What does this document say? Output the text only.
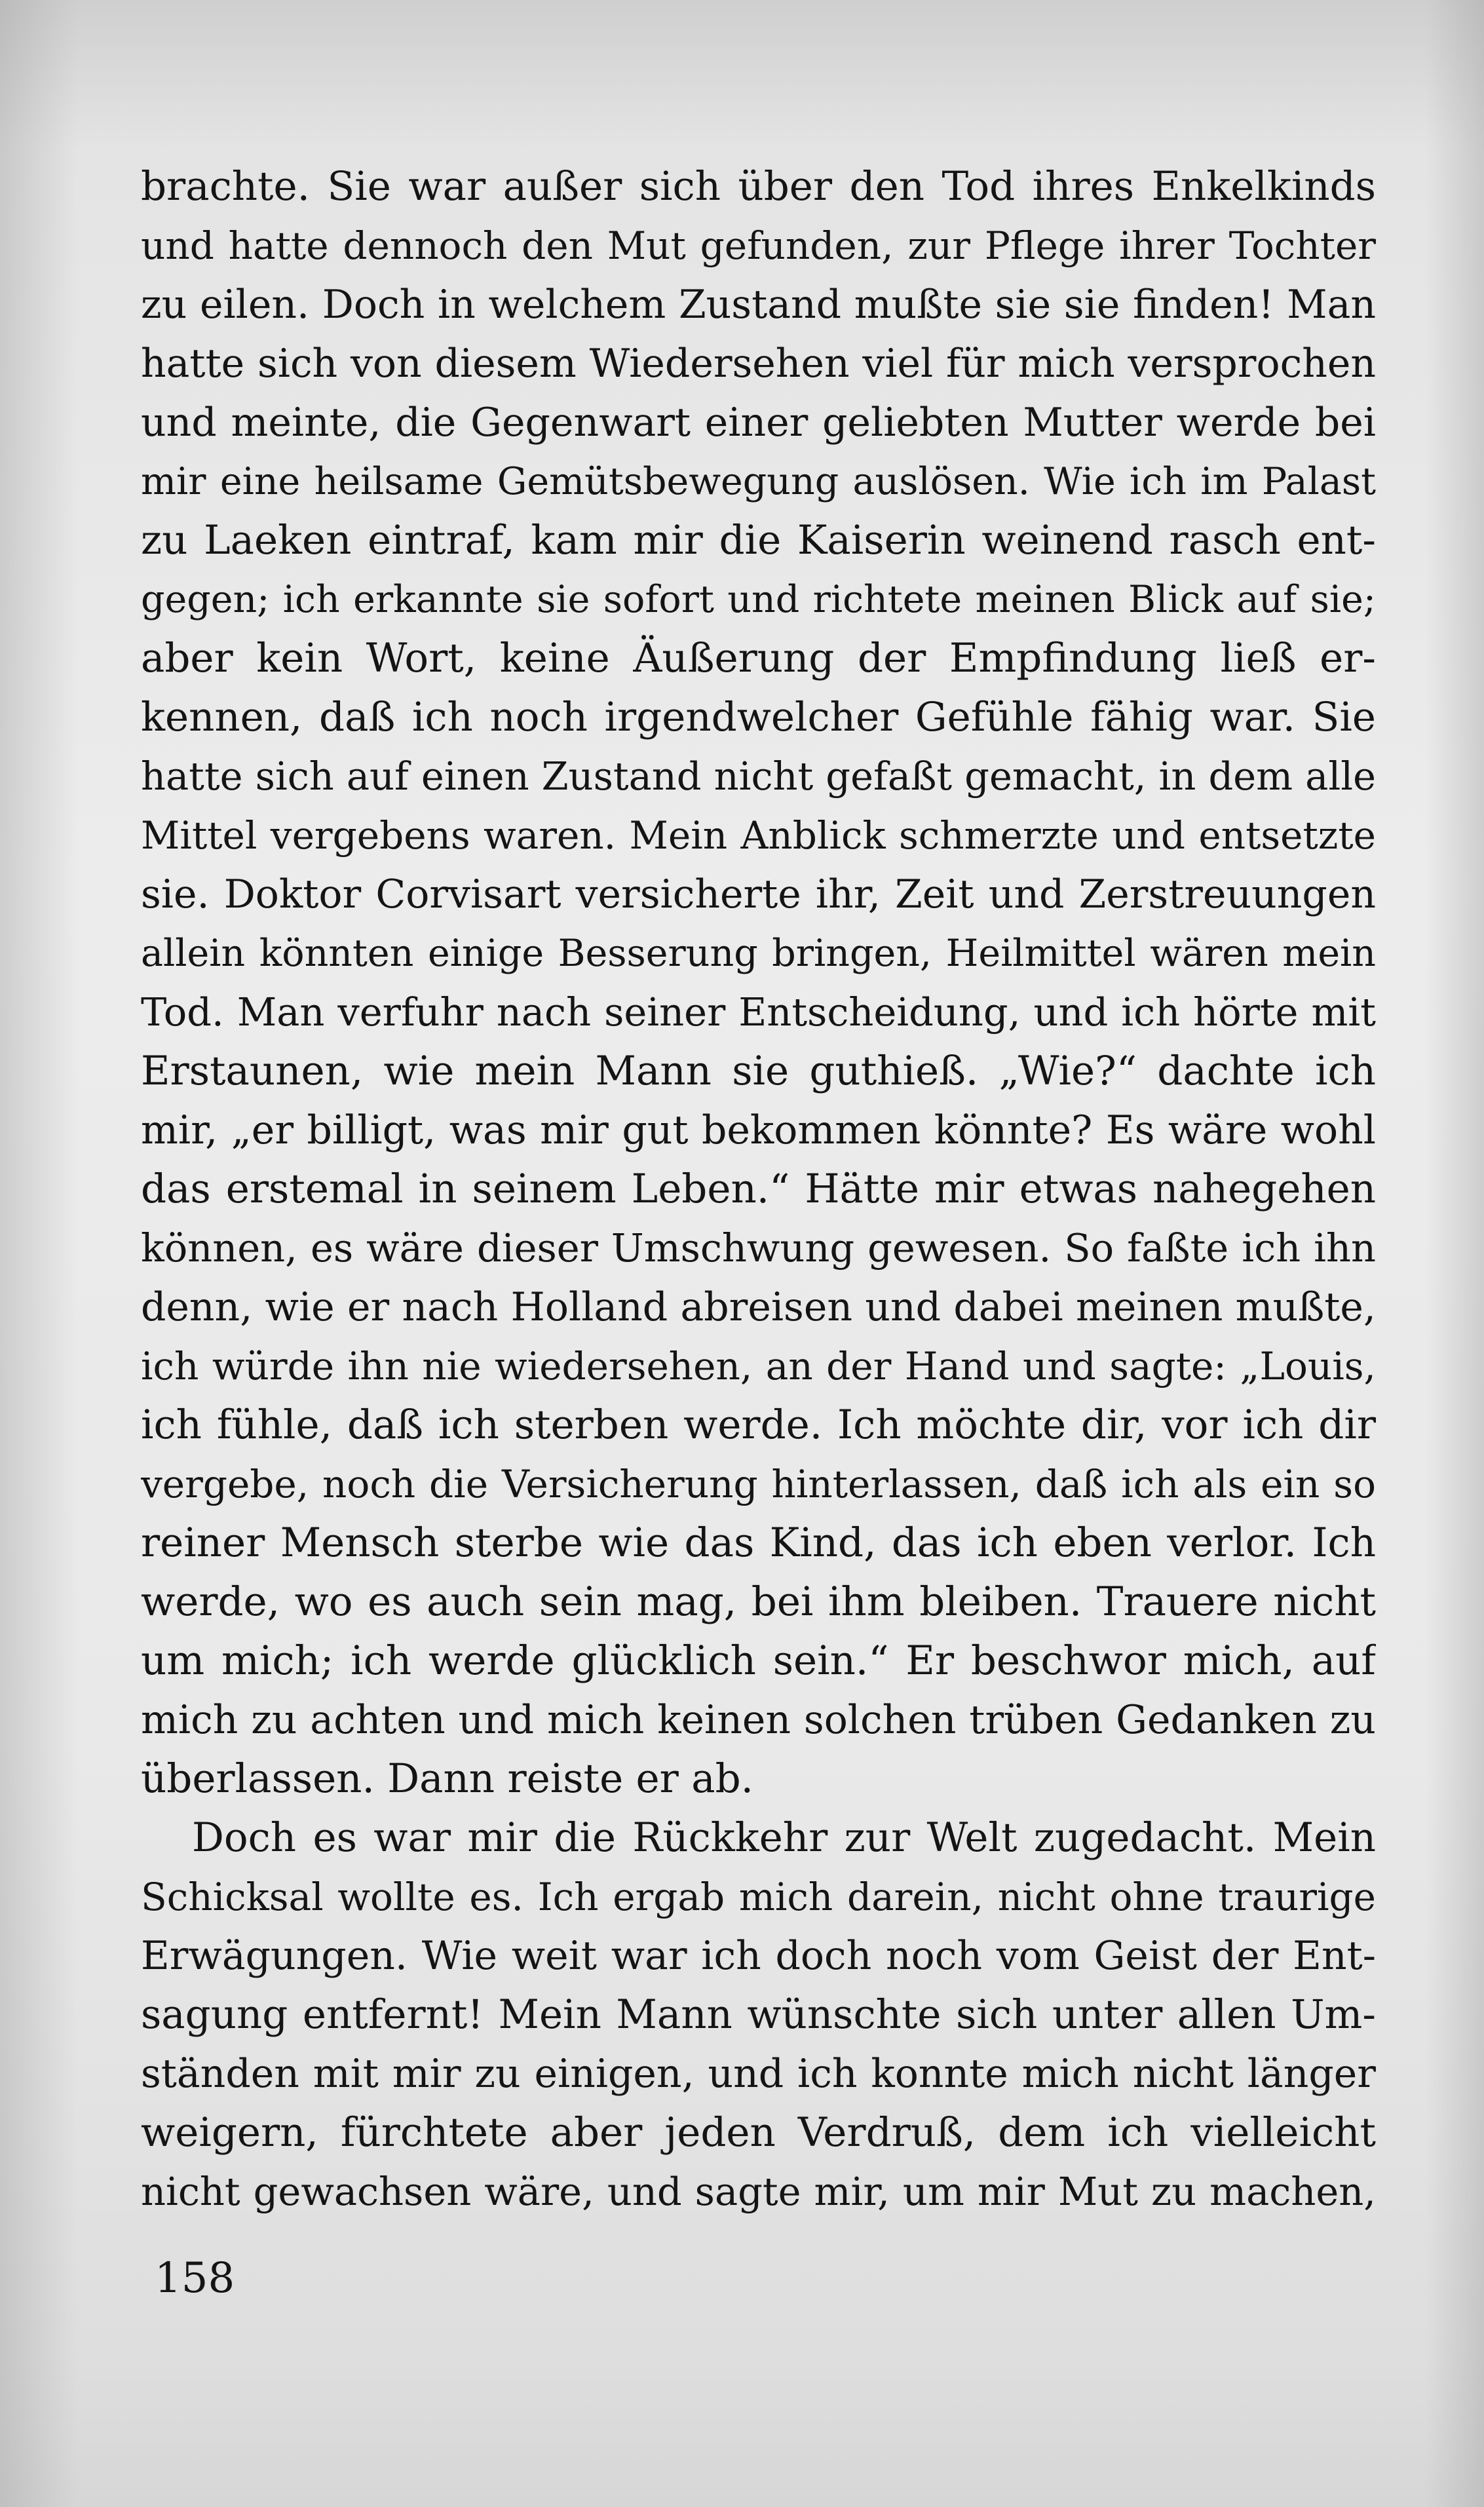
brachte. Sie war außer sich über den Tod ihres Enkelkinds
und hatte dennoch den Mut gefunden, zur Pflege ihrer Tochter
zu eilen. Doch in welchem Zustand mußte sie sie finden! Man
hatte sich von diesem Wiedersehen viel für mich versprochen
und meinte, die Gegenwart einer geliebten Mutter werde bei
mir eine heilsame Gemütsbewegung auslösen. Wie ich im Palast
zu Laeken eintraf, kam mir die Kaiserin weinend rasch ent-
gegen; ich erkannte sie sofort und richtete meinen Blick auf sie;
aber kein Wort, keine Äußerung der Empfindung ließ er-
kennen, daß ich noch irgendwelcher Gefühle fähig war. Sie
hatte sich auf einen Zustand nicht gefaßt gemacht, in dem alle
Mittel vergebens waren. Mein Anblick schmerzte und entsetzte
sie. Doktor Corvisart versicherte ihr, Zeit und Zerstreuungen
allein könnten einige Besserung bringen, Heilmittel wären mein
Tod. Man verfuhr nach seiner Entscheidung, und ich hörte mit
Erstaunen, wie mein Mann sie guthieß. „Wie?“ dachte ich
mir, „er billigt, was mir gut bekommen könnte? Es wäre wohl
das erstemal in seinem Leben.“ Hätte mir etwas nahegehen
können, es wäre dieser Umschwung gewesen. So faßte ich ihn
denn, wie er nach Holland abreisen und dabei meinen mußte,
ich würde ihn nie wiedersehen, an der Hand und sagte: „Louis,
ich fühle, daß ich sterben werde. Ich möchte dir, vor ich dir
vergebe, noch die Versicherung hinterlassen, daß ich als ein so
reiner Mensch sterbe wie das Kind, das ich eben verlor. Ich
werde, wo es auch sein mag, bei ihm bleiben. Trauere nicht
um mich; ich werde glücklich sein.“ Er beschwor mich, auf
mich zu achten und mich keinen solchen trüben Gedanken zu
überlassen. Dann reiste er ab.
Doch es war mir die Rückkehr zur Welt zugedacht. Mein
Schicksal wollte es. Ich ergab mich darein, nicht ohne traurige
Erwägungen. Wie weit war ich doch noch vom Geist der Ent-
sagung entfernt! Mein Mann wünschte sich unter allen Um-
ständen mit mir zu einigen, und ich konnte mich nicht länger
weigern, fürchtete aber jeden Verdruß, dem ich vielleicht
nicht gewachsen wäre, und sagte mir, um mir Mut zu machen,
158
